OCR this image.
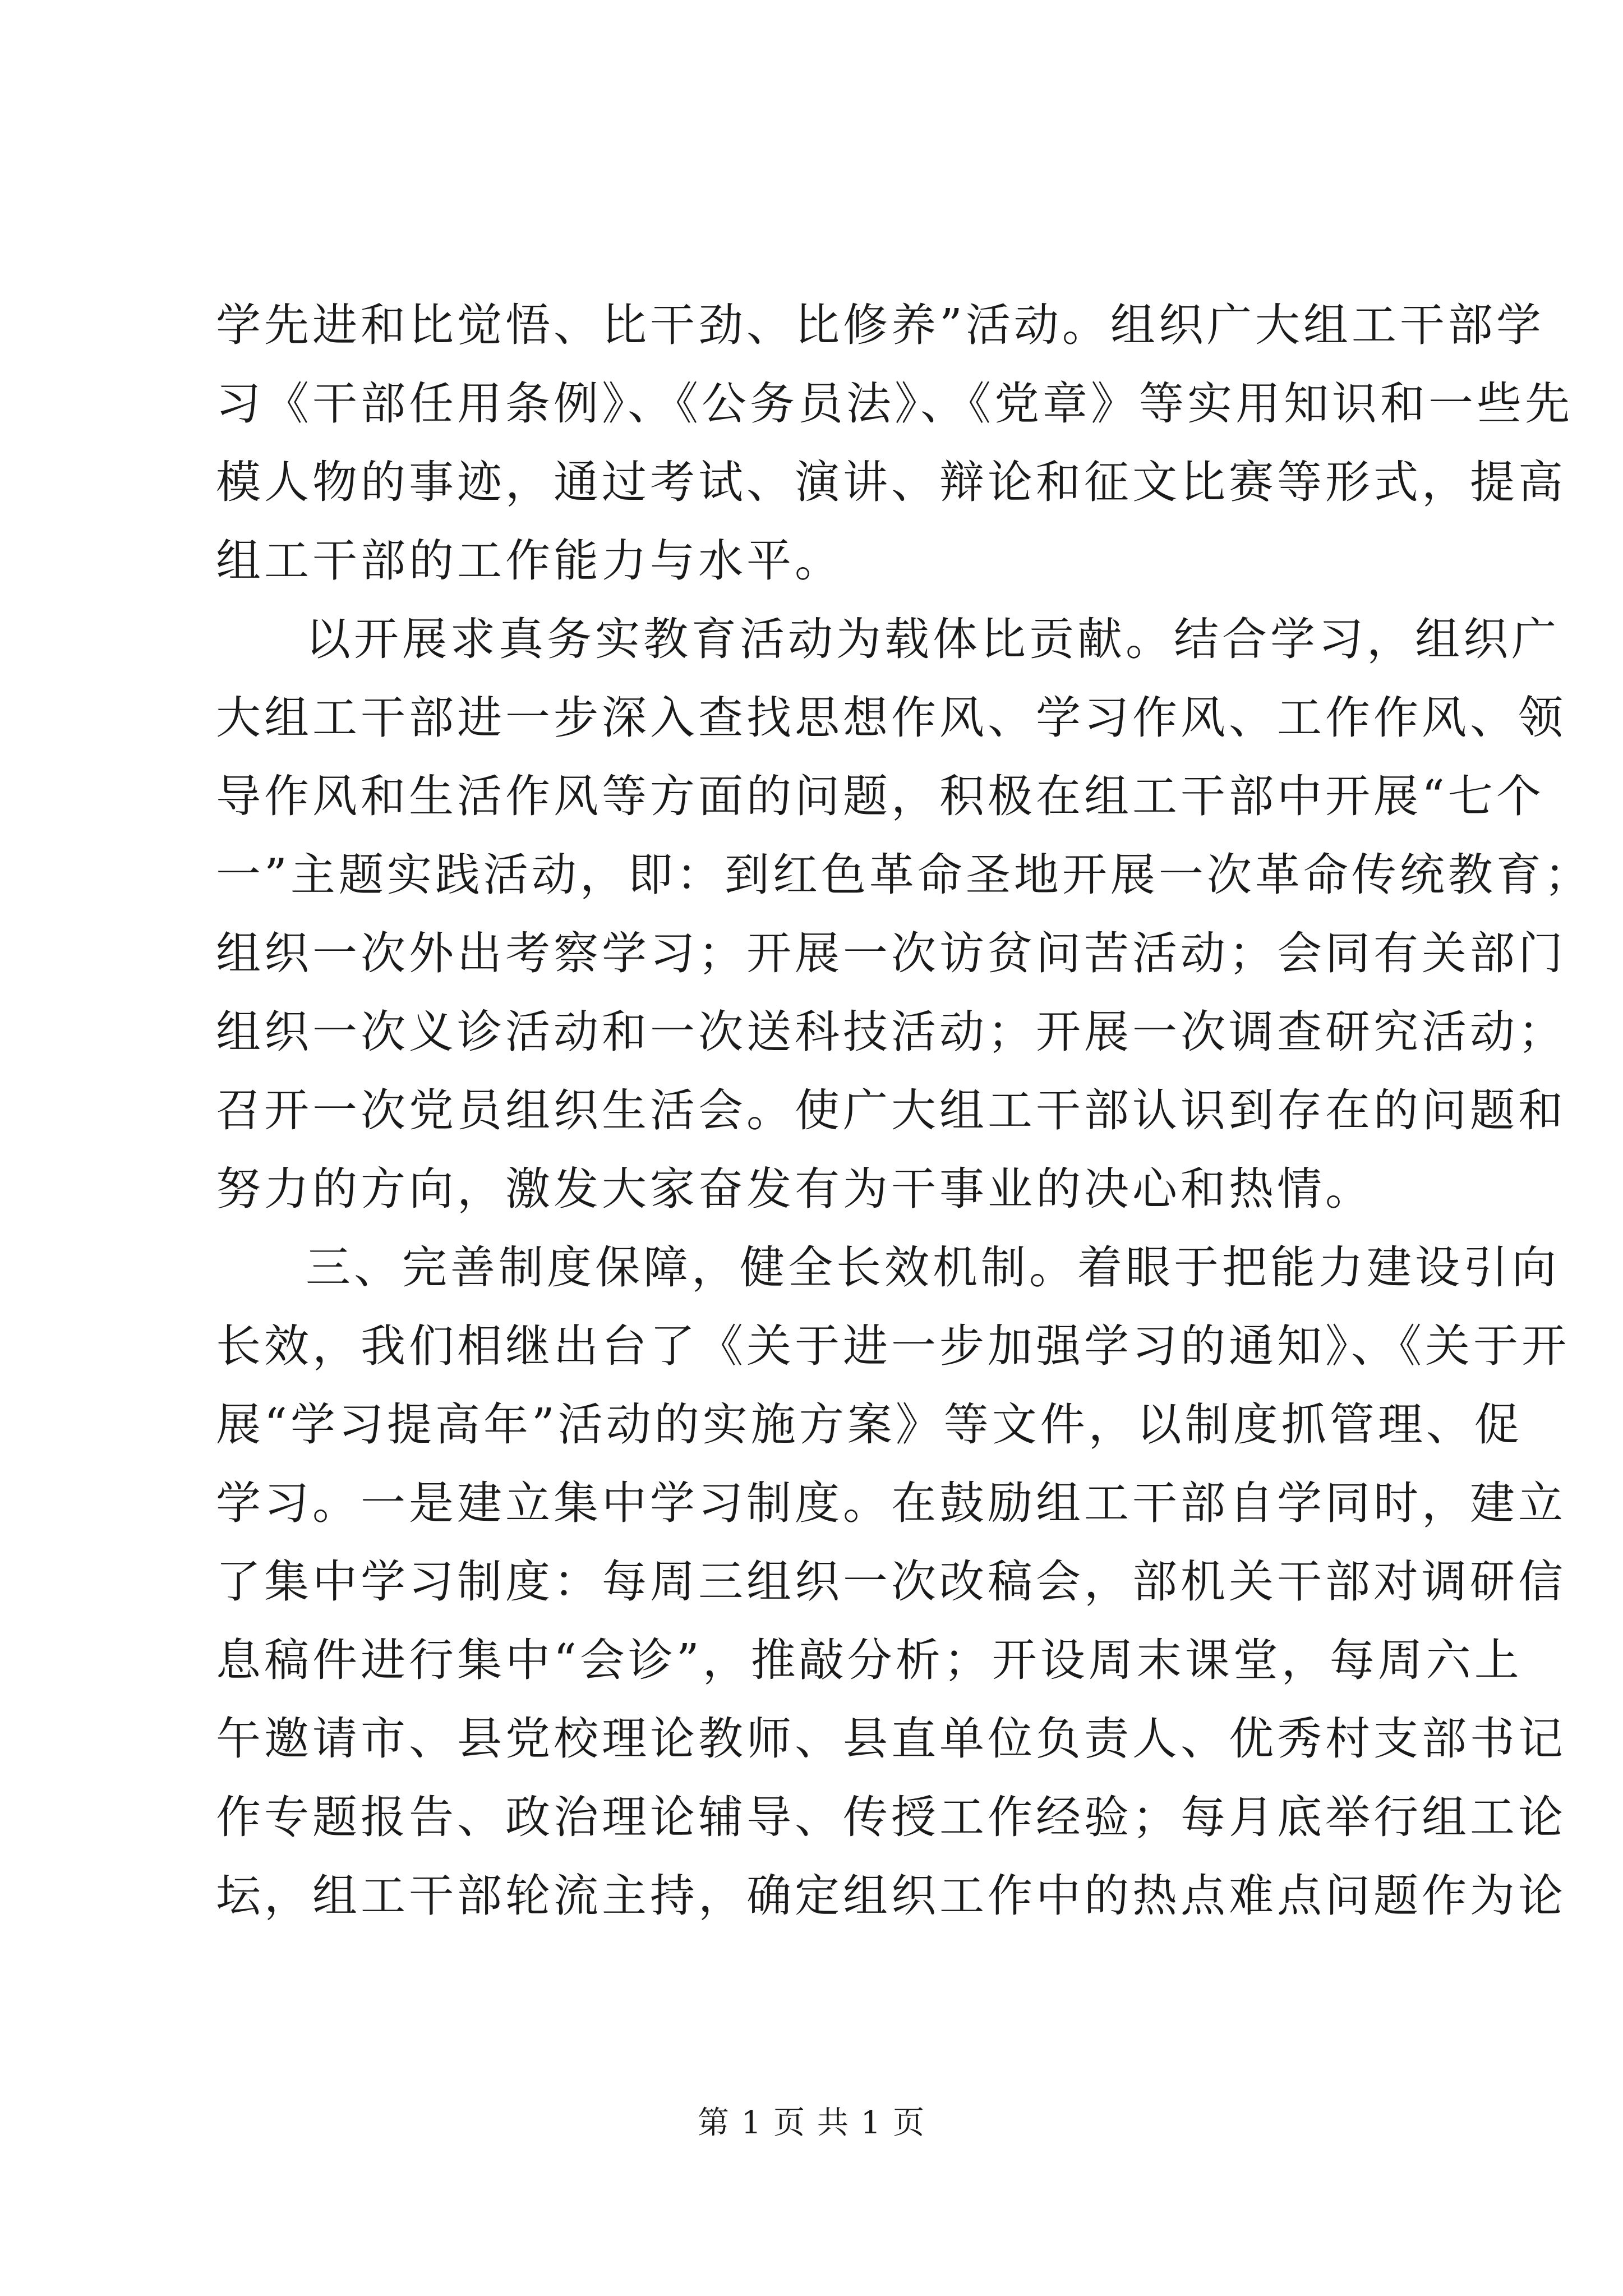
学先进和比觉悟、比干劲、比修养”活动。组织广大组工干部学
习《干部任用条例》、《公务员法》、《党章》等实用知识和一些先
模人物的事迹，通过考试、演讲、辩论和征文比赛等形式，提高
组工干部的工作能力与水平。
以开展求真务实教育活动为载体比贡献。结合学习，组织广
大组工干部进一步深入查找思想作风、学习作风、工作作风、领
导作风和生活作风等方面的问题，积极在组工干部中开展“七个
一”主题实践活动，即：到红色革命圣地开展一次革命传统教育；
组织一次外出考察学习；开展一次访贫问苦活动；会同有关部门
组织一次义诊活动和一次送科技活动；开展一次调查研究活动；
召开一次党员组织生活会。使广大组工干部认识到存在的问题和
努力的方向，激发大家奋发有为干事业的决心和热情。
三、完善制度保障，健全长效机制。着眼于把能力建设引向
长效，我们相继出台了《关于进一步加强学习的通知》、《关于开
展“学习提高年”活动的实施方案》等文件，以制度抓管理、促
学习。一是建立集中学习制度。在鼓励组工干部自学同时，建立
了集中学习制度：每周三组织一次改稿会，部机关干部对调研信
息稿件进行集中“会诊”，推敲分析；开设周末课堂，每周六上
午邀请市、县党校理论教师、县直单位负责人、优秀村支部书记
作专题报告、政治理论辅导、传授工作经验；每月底举行组工论
坛，组工干部轮流主持，确定组织工作中的热点难点问题作为论
第 1 页 共 1 页
